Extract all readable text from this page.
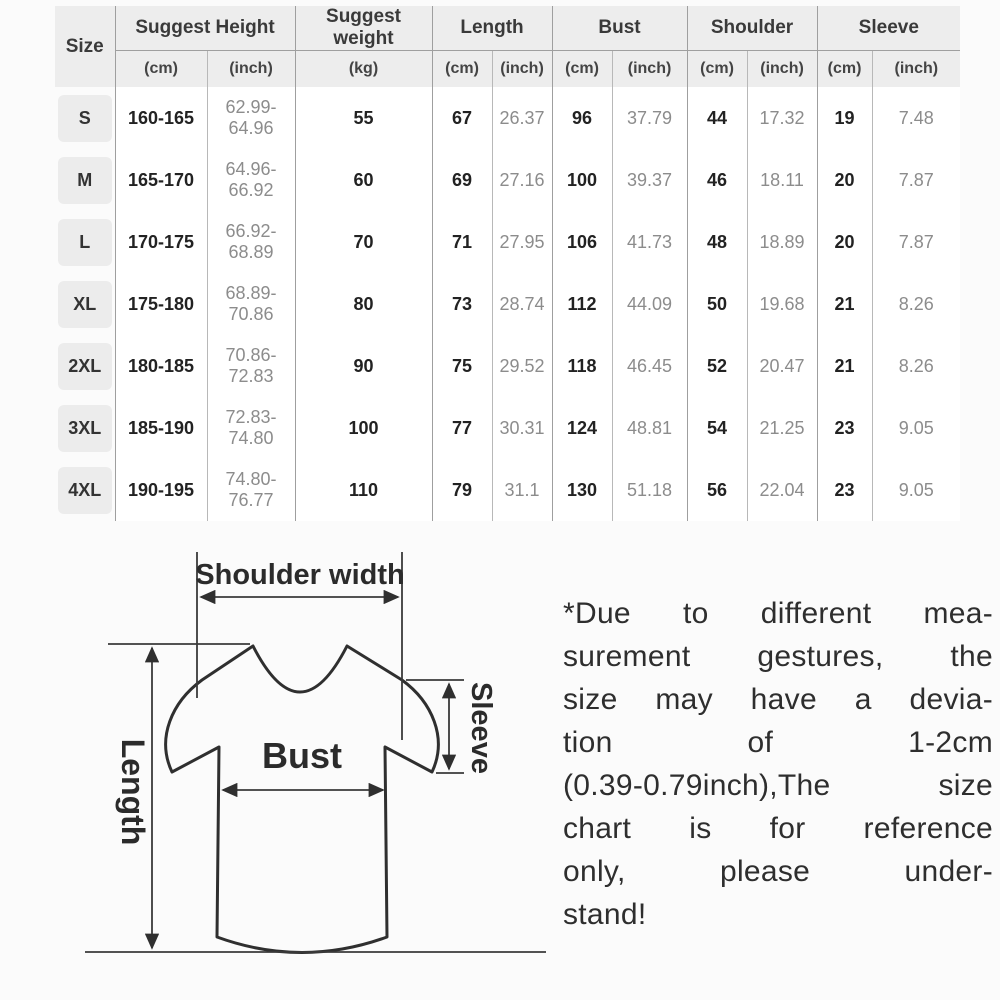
Size	Suggest Height		Suggest weight	Length		Bust		Shoulder		Sleeve	
	(cm)	(inch)	(kg)	(cm)	(inch)	(cm)	(inch)	(cm)	(inch)	(cm)	(inch)

S	160-165	62.99-64.96	55	67	26.37	96	37.79	44	17.32	19	7.48

M	165-170	64.96-66.92	60	69	27.16	100	39.37	46	18.11	20	7.87

L	170-175	66.92-68.89	70	71	27.95	106	41.73	48	18.89	20	7.87

XL	175-180	68.89-70.86	80	73	28.74	112	44.09	50	19.68	21	8.26

2XL	180-185	70.86-72.83	90	75	29.52	118	46.45	52	20.47	21	8.26

3XL	185-190	72.83-74.80	100	77	30.31	124	48.81	54	21.25	23	9.05

4XL	190-195	74.80-76.77	110	79	31.1	130	51.18	56	22.04	23	9.05
Shoulder width
Length	Bust	Sleeve
*Due to different mea-
surement gestures, the
size may have a devia-
tion of 1-2cm
(0.39-0.79inch),The size
chart is for reference
only, please under-
stand!
